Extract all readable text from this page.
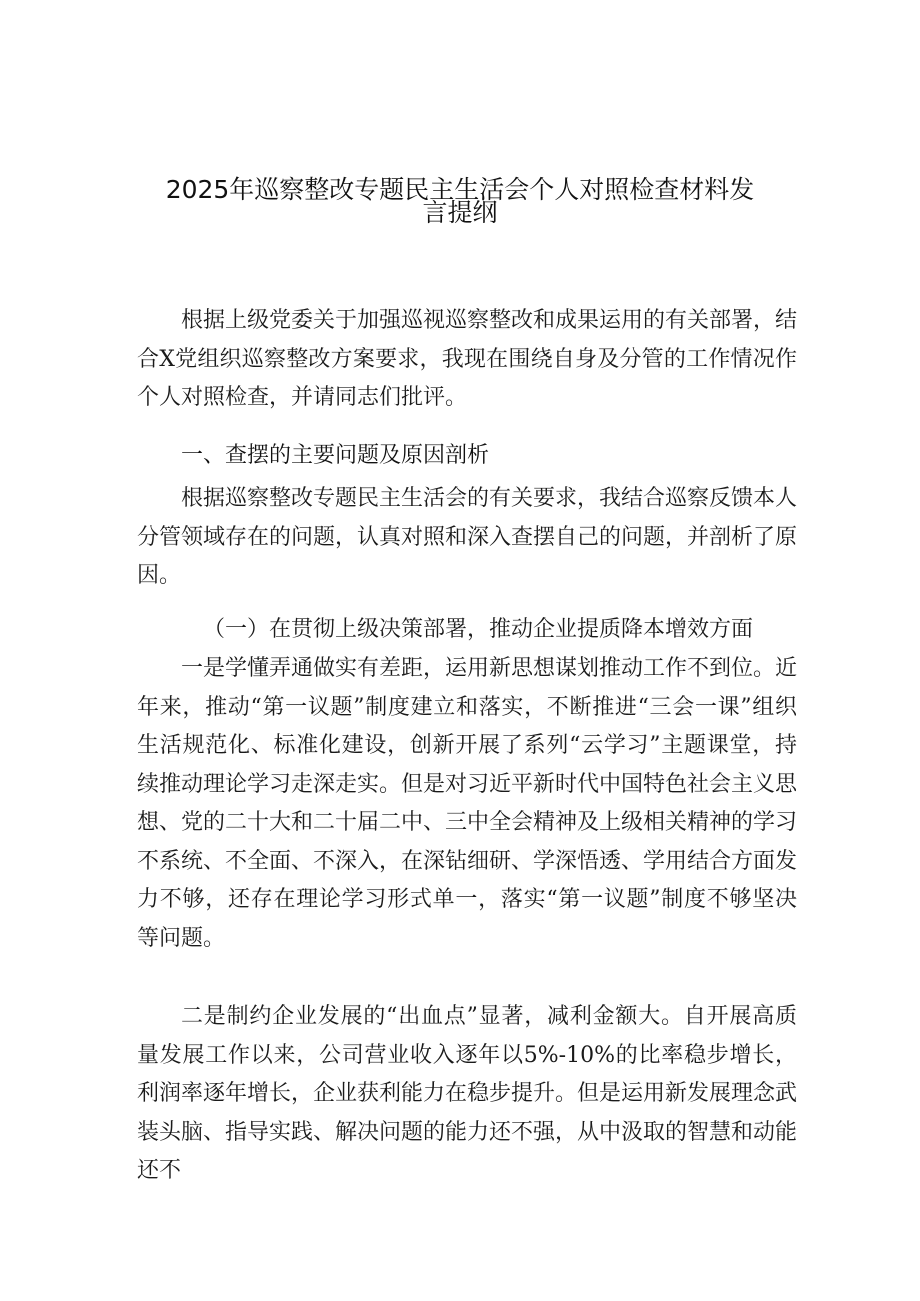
2025年巡察整改专题民主生活会个人对照检查材料发
言提纲

根据上级党委关于加强巡视巡察整改和成果运用的有关部署，结合X党组织巡察整改方案要求，我现在围绕自身及分管的工作情况作个人对照检查，并请同志们批评。

一、查摆的主要问题及原因剖析

根据巡察整改专题民主生活会的有关要求，我结合巡察反馈本人分管领域存在的问题，认真对照和深入查摆自己的问题，并剖析了原因。

（一）在贯彻上级决策部署，推动企业提质降本增效方面

一是学懂弄通做实有差距，运用新思想谋划推动工作不到位。近年来，推动“第一议题”制度建立和落实，不断推进“三会一课”组织生活规范化、标准化建设，创新开展了系列“云学习”主题课堂，持续推动理论学习走深走实。但是对习近平新时代中国特色社会主义思想、党的二十大和二十届二中、三中全会精神及上级相关精神的学习不系统、不全面、不深入，在深钻细研、学深悟透、学用结合方面发力不够，还存在理论学习形式单一，落实“第一议题”制度不够坚决等问题。

二是制约企业发展的“出血点”显著，减利金额大。自开展高质量发展工作以来，公司营业收入逐年以5%-10%的比率稳步增长，利润率逐年增长，企业获利能力在稳步提升。但是运用新发展理念武装头脑、指导实践、解决问题的能力还不强，从中汲取的智慧和动能还不
